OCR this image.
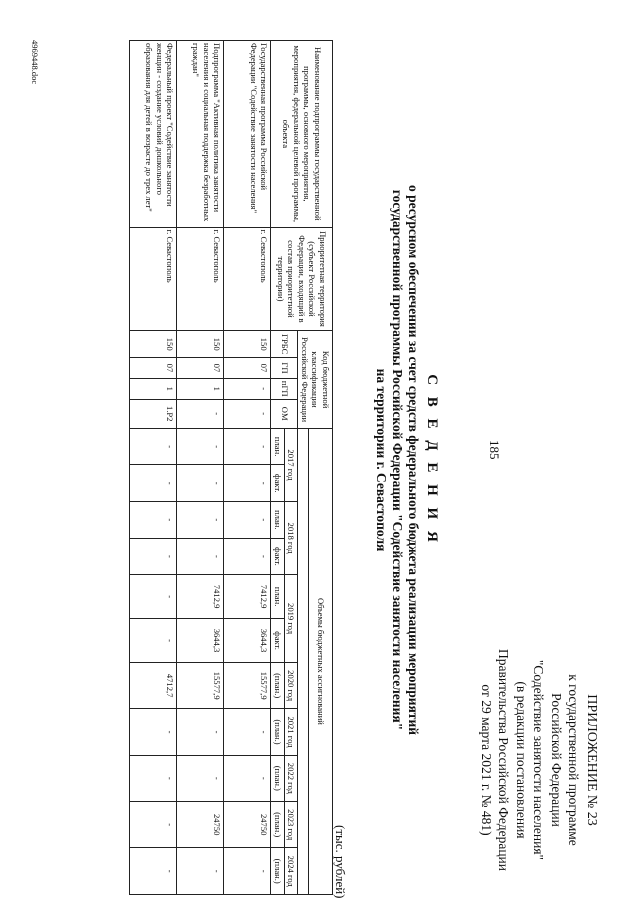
185
ПРИЛОЖЕНИЕ № 23
к государственной программе
Российской Федерации
"Содействие занятости населения"
(в редакции постановления
Правительства Российской Федерации
от 29 марта 2021 г. № 481)
С В Е Д Е Н И Я
о ресурсном обеспечении за счет средств федерального бюджета реализации мероприятий
государственной программы Российской Федерации "Содействие занятости населения"
на территории г. Севастополя
(тыс. рублей)
Наименование подпрограммы государственной программы, основного мероприятия, мероприятия, федеральной целевой программы, объекта	Приоритетная территория (субъект Российской Федерации, входящий в состав приоритетной территории)	Код бюджетной классификации Российской Федерации				Объемы бюджетных ассигнований										

		ГРБС	ГП	пГП	ОМ	2017 год		2018 год		2019 год		2020 год	2021 год	2022 год	2023 год	2024 год
						план.	факт.	план.	факт.	план.	факт.	(план.)	(план.)	(план.)	(план.)	(план.)
Государственная программа Российской Федерации "Содействие занятости населения"	г. Севастополь	150	07	-	-	-	-	-	-	7412,9	3644,3	15577,9	-	-	24750	-
Подпрограмма "Активная политика занятости населения и социальная поддержка безработных граждан"	г. Севастополь	150	07	1	-	-	-	-	-	7412,9	3644,3	15577,9	-	-	24750	-
Федеральный проект "Содействие занятости женщин - создание условий дошкольного образования для детей в возрасте до трех лет"	г. Севастополь	150	07	1	1.P2	-	-	-	-	-	-	4712,7	-	-	-	-
4969448.doc
